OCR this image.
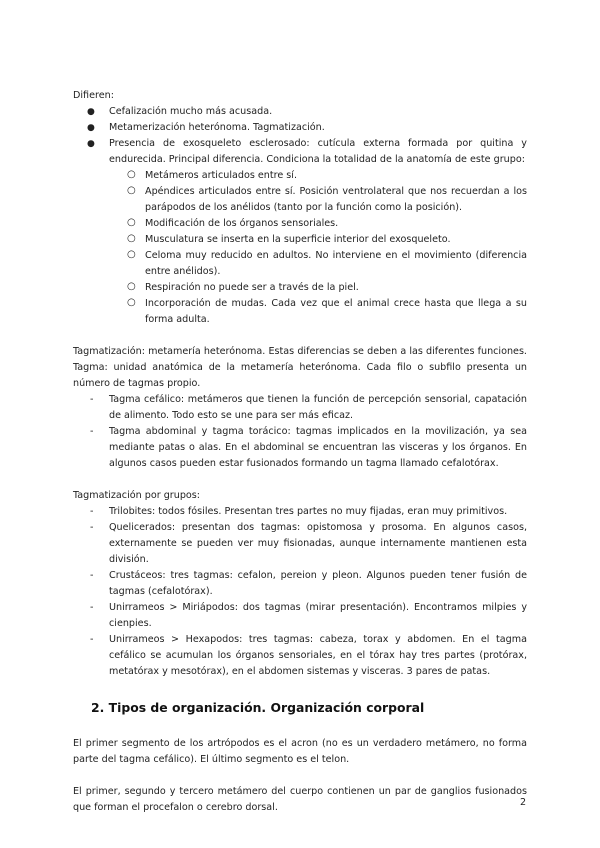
Difieren:

● Cefalización mucho más acusada.
● Metamerización heterónoma. Tagmatización.
● Presencia de exosqueleto esclerosado: cutícula externa formada por quitina y endurecida. Principal diferencia. Condiciona la totalidad de la anatomía de este grupo:
○ Metámeros articulados entre sí.
○ Apéndices articulados entre sí. Posición ventrolateral que nos recuerdan a los parápodos de los anélidos (tanto por la función como la posición).
○ Modificación de los órganos sensoriales.
○ Musculatura se inserta en la superficie interior del exosqueleto.
○ Celoma muy reducido en adultos. No interviene en el movimiento (diferencia entre anélidos).
○ Respiración no puede ser a través de la piel.
○ Incorporación de mudas. Cada vez que el animal crece hasta que llega a su forma adulta.

Tagmatización: metamería heterónoma. Estas diferencias se deben a las diferentes funciones. Tagma: unidad anatómica de la metamería heterónoma. Cada filo o subfilo presenta un número de tagmas propio.

- Tagma cefálico: metámeros que tienen la función de percepción sensorial, capatación de alimento. Todo esto se une para ser más eficaz.
- Tagma abdominal y tagma torácico: tagmas implicados en la movilización, ya sea mediante patas o alas. En el abdominal se encuentran las visceras y los órganos. En algunos casos pueden estar fusionados formando un tagma llamado cefalotórax.

Tagmatización por grupos:

- Trilobites: todos fósiles. Presentan tres partes no muy fijadas, eran muy primitivos.
- Quelicerados: presentan dos tagmas: opistomosa y prosoma. En algunos casos, externamente se pueden ver muy fisionadas, aunque internamente mantienen esta división.
- Crustáceos: tres tagmas: cefalon, pereion y pleon. Algunos pueden tener fusión de tagmas (cefalotórax).
- Unirrameos > Miriápodos: dos tagmas (mirar presentación). Encontramos milpies y cienpies.
- Unirrameos > Hexapodos: tres tagmas: cabeza, torax y abdomen. En el tagma cefálico se acumulan los órganos sensoriales, en el tórax hay tres partes (protórax, metatórax y mesotórax), en el abdomen sistemas y visceras. 3 pares de patas.
2. Tipos de organización. Organización corporal

El primer segmento de los artrópodos es el acron (no es un verdadero metámero, no forma parte del tagma cefálico). El último segmento es el telon.

El primer, segundo y tercero metámero del cuerpo contienen un par de ganglios fusionados que forman el procefalon o cerebro dorsal.	2
